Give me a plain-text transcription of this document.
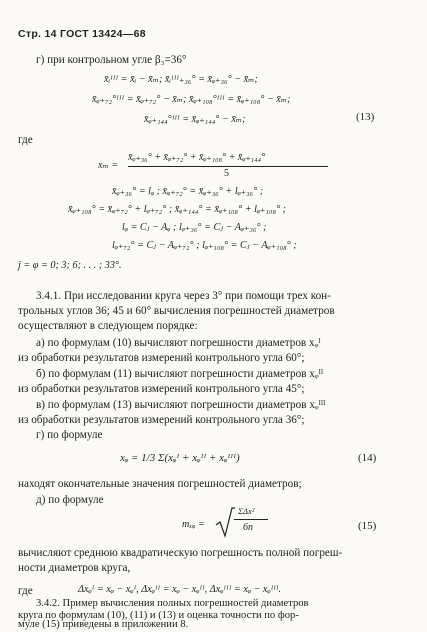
Стр. 14 ГОСТ 13424—68
г) при контрольном угле β₃=36°
x̄ᵢᴵᴵᴵ = x̄ᵢ − x̄ₘ; x̄ᵢᴵᴵᴵ₊₃₆° = x̄ᵩ₊₃₆° − x̄ₘ;
x̄ᵩ₊₇₂°ᴵᴵᴵ = x̄ᵩ₊₇₂° − x̄ₘ; x̄ᵩ₊₁₀₈°ᴵᴵᴵ = x̄ᵩ₊₁₀₈° − x̄ₘ;
x̄ᵩ₊₁₄₄°ᴵᴵᴵ = x̄ᵩ₊₁₄₄° − x̄ₘ;	(13)
где
xₘ =
x̄ᵩ₊₃₆° + x̄ᵩ₊₇₂° + x̄ᵩ₊₁₀₈° + x̄ᵩ₊₁₄₄°
5
x̄ᵩ₊₃₆° = lᵩ ; x̄ᵩ₊₇₂° = x̄ᵩ₊₃₆° + lᵩ₊₃₆° ;
x̄ᵩ₊₁₀₈° = x̄ᵩ₊₇₂° + lᵩ₊₇₂° ; x̄ᵩ₊₁₄₄° = x̄ᵩ₊₁₀₈° + lᵩ₊₁₀₈° ;
lᵩ = Cⱼ − Aᵩ ; lᵩ₊₃₆° = Cⱼ − Aᵩ₊₃₆° ;
lᵩ₊₇₂° = Cⱼ − Aᵩ₊₇₂° ; lᵩ₊₁₀₈° = Cⱼ − Aᵩ₊₁₀₈° ;
j = φ = 0; 3; 6; . . . ; 33°.
3.4.1. При исследовании круга через 3° при помощи трех кон-
трольных углов 36; 45 и 60° вычисления погрешностей диаметров
осуществляют в следующем порядке:
а) по формулам (10) вычисляют погрешности диаметров xᵩᴵ
из обработки результатов измерений контрольного угла 60°;
б) по формулам (11) вычисляют погрешности диаметров xᵩᴵᴵ
из обработки результатов измерений контрольного угла 45°;
в) по формулам (13) вычисляют погрешности диаметров xᵩᴵᴵᴵ
из обработки результатов измерений контрольного угла 36°;
г) по формуле
xᵩ = 1/3 Σ(xᵩᴵ + xᵩᴵᴵ + xᵩᴵᴵᴵ)	(14)
находят окончательные значения погрешностей диаметров;
д) по формуле
mₓᵩ =
ΣΔx²
6n	(15)
вычисляют среднюю квадратическую погрешность полной погреш-
ности диаметров круга,
где	Δxᵩᴵ = xᵩ − xᵩᴵ, Δxᵩᴵᴵ = xᵩ − xᵩᴵᴵ, Δxᵩᴵᴵᴵ = xᵩ − xᵩᴵᴵᴵ.
3.4.2. Пример вычисления полных погрешностей диаметров
круга по формулам (10), (11) и (13) и оценка точности по фор-
муле (15) приведены в приложении 8.
